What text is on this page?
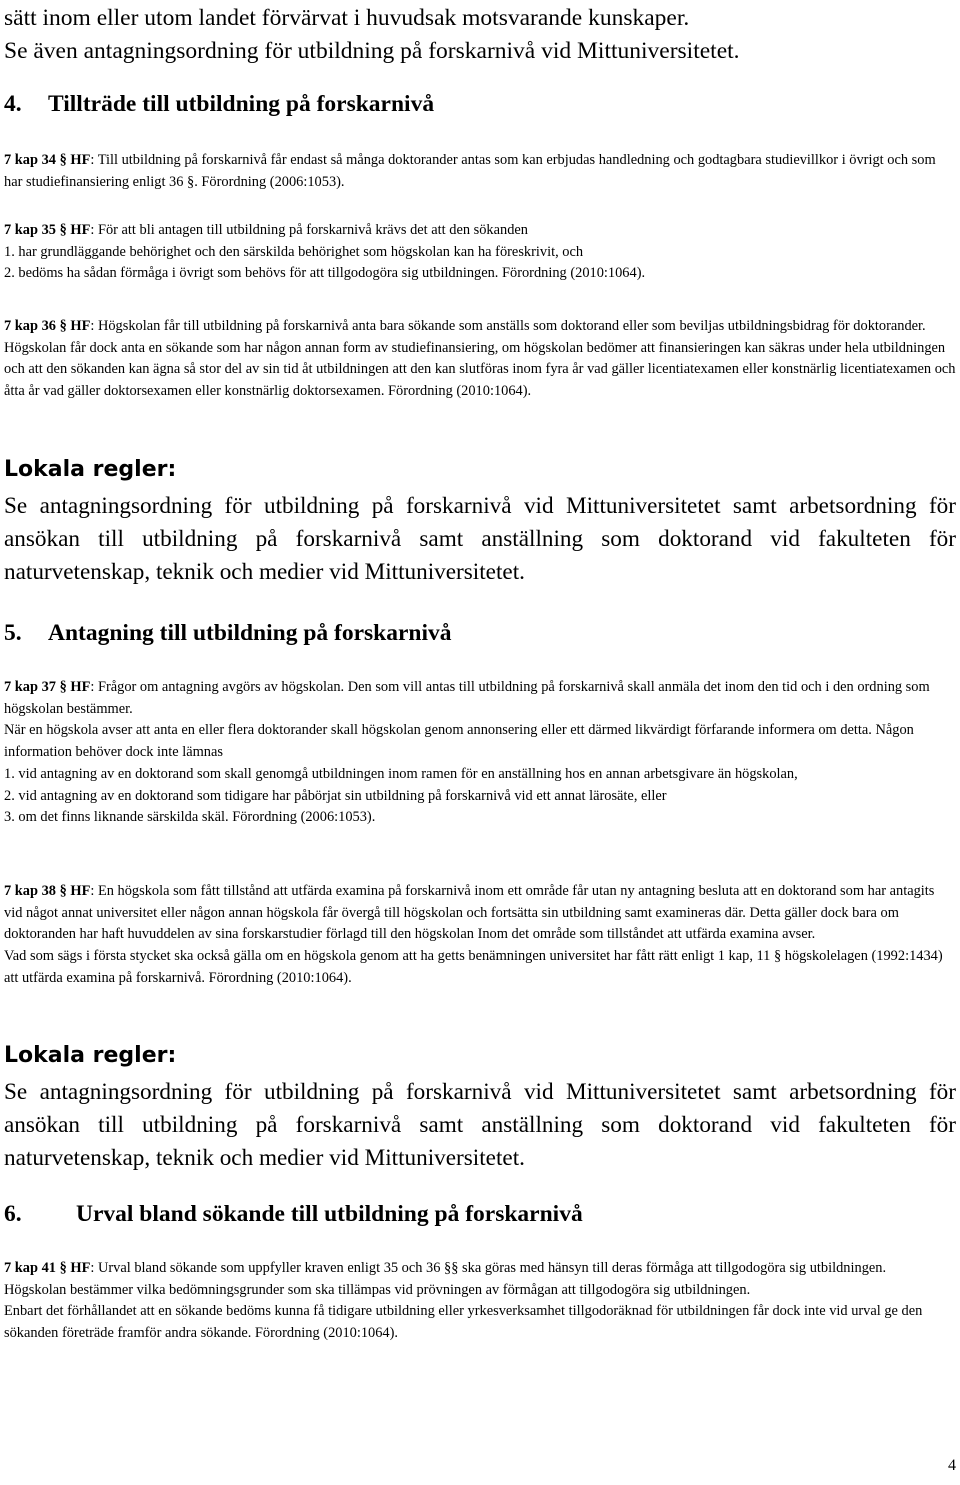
sätt inom eller utom landet förvärvat i huvudsak motsvarande kunskaper.

Se även antagningsordning för utbildning på forskarnivå vid Mittuniversitetet.

4. Tillträde till utbildning på forskarnivå

7 kap 34 § HF: Till utbildning på forskarnivå får endast så många doktorander antas som kan erbjudas handledning och godtagbara studievillkor i övrigt och som har studiefinansiering enligt 36 §. Förordning (2006:1053).

7 kap 35 § HF: För att bli antagen till utbildning på forskarnivå krävs det att den sökanden

1. har grundläggande behörighet och den särskilda behörighet som högskolan kan ha föreskrivit, och

2. bedöms ha sådan förmåga i övrigt som behövs för att tillgodogöra sig utbildningen. Förordning (2010:1064).

7 kap 36 § HF: Högskolan får till utbildning på forskarnivå anta bara sökande som anställs som doktorand eller som beviljas utbildningsbidrag för doktorander. Högskolan får dock anta en sökande som har någon annan form av studiefinansiering, om högskolan bedömer att finansieringen kan säkras under hela utbildningen och att den sökanden kan ägna så stor del av sin tid åt utbildningen att den kan slutföras inom fyra år vad gäller licentiatexamen eller konstnärlig licentiatexamen och åtta år vad gäller doktorsexamen eller konstnärlig doktorsexamen. Förordning (2010:1064).

Lokala regler:

Se antagningsordning för utbildning på forskarnivå vid Mittuniversitetet samt arbetsordning för ansökan till utbildning på forskarnivå samt anställning som doktorand vid fakulteten för naturvetenskap, teknik och medier vid Mittuniversitetet.

5. Antagning till utbildning på forskarnivå

7 kap 37 § HF: Frågor om antagning avgörs av högskolan. Den som vill antas till utbildning på forskarnivå skall anmäla det inom den tid och i den ordning som högskolan bestämmer.

När en högskola avser att anta en eller flera doktorander skall högskolan genom annonsering eller ett därmed likvärdigt förfarande informera om detta. Någon information behöver dock inte lämnas

1. vid antagning av en doktorand som skall genomgå utbildningen inom ramen för en anställning hos en annan arbetsgivare än högskolan,

2. vid antagning av en doktorand som tidigare har påbörjat sin utbildning på forskarnivå vid ett annat lärosäte, eller

3. om det finns liknande särskilda skäl. Förordning (2006:1053).

7 kap 38 § HF: En högskola som fått tillstånd att utfärda examina på forskarnivå inom ett område får utan ny antagning besluta att en doktorand som har antagits vid något annat universitet eller någon annan högskola får övergå till högskolan och fortsätta sin utbildning samt examineras där. Detta gäller dock bara om doktoranden har haft huvuddelen av sina forskarstudier förlagd till den högskolan Inom det område som tillståndet att utfärda examina avser.

Vad som sägs i första stycket ska också gälla om en högskola genom att ha getts benämningen universitet har fått rätt enligt 1 kap, 11 § högskolelagen (1992:1434) att utfärda examina på forskarnivå. Förordning (2010:1064).

Lokala regler:

Se antagningsordning för utbildning på forskarnivå vid Mittuniversitetet samt arbetsordning för ansökan till utbildning på forskarnivå samt anställning som doktorand vid fakulteten för naturvetenskap, teknik och medier vid Mittuniversitetet.

6. Urval bland sökande till utbildning på forskarnivå

7 kap 41 § HF: Urval bland sökande som uppfyller kraven enligt 35 och 36 §§ ska göras med hänsyn till deras förmåga att tillgodogöra sig utbildningen.

Högskolan bestämmer vilka bedömningsgrunder som ska tillämpas vid prövningen av förmågan att tillgodogöra sig utbildningen.

Enbart det förhållandet att en sökande bedöms kunna få tidigare utbildning eller yrkesverksamhet tillgodoräknad för utbildningen får dock inte vid urval ge den sökanden företräde framför andra sökande. Förordning (2010:1064).

4
